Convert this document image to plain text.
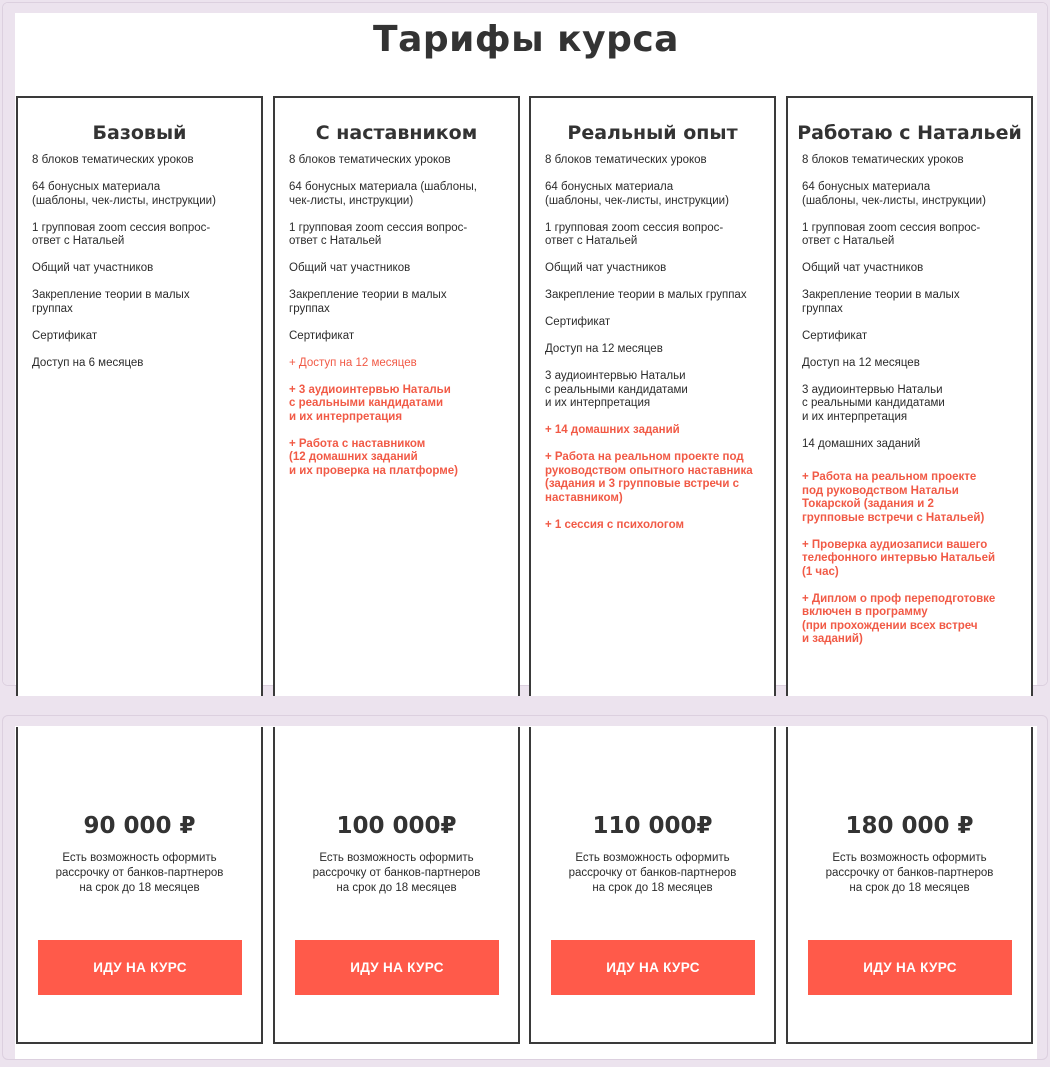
Тарифы курса
Базовый
8 блоков тематических уроков
64 бонусных материала
(шаблоны, чек-листы, инструкции)
1 групповая zoom сессия вопрос-
ответ с Натальей
Общий чат участников
Закрепление теории в малых
группах
Сертификат
Доступ на 6 месяцев
С наставником
8 блоков тематических уроков
64 бонусных материала (шаблоны,
чек-листы, инструкции)
1 групповая zoom сессия вопрос-
ответ с Натальей
Общий чат участников
Закрепление теории в малых
группах
Сертификат
+ Доступ на 12 месяцев
+ 3 аудиоинтервью Натальи
с реальными кандидатами
и их интерпретация
+ Работа с наставником
(12 домашних заданий
и их проверка на платформе)
Реальный опыт
8 блоков тематических уроков
64 бонусных материала
(шаблоны, чек-листы, инструкции)
1 групповая zoom сессия вопрос-
ответ с Натальей
Общий чат участников
Закрепление теории в малых группах
Сертификат
Доступ на 12 месяцев
3 аудиоинтервью Натальи
с реальными кандидатами
и их интерпретация
+ 14 домашних заданий
+ Работа на реальном проекте под
руководством опытного наставника
(задания и 3 групповые встречи с
наставником)
+ 1 сессия с психологом
Работаю с Натальей
8 блоков тематических уроков
64 бонусных материала
(шаблоны, чек-листы, инструкции)
1 групповая zoom сессия вопрос-
ответ с Натальей
Общий чат участников
Закрепление теории в малых
группах
Сертификат
Доступ на 12 месяцев
3 аудиоинтервью Натальи
с реальными кандидатами
и их интерпретация
14 домашних заданий
+ Работа на реальном проекте
под руководством Натальи
Токарской (задания и 2
групповые встречи с Натальей)
+ Проверка аудиозаписи вашего
телефонного интервью Натальей
(1 час)
+ Диплом о проф переподготовке
включен в программу
(при прохождении всех встреч
и заданий)
90 000 ₽
Есть возможность оформить
рассрочку от банков-партнеров
на срок до 18 месяцев
ИДУ НА КУРС
100 000₽
Есть возможность оформить
рассрочку от банков-партнеров
на срок до 18 месяцев
ИДУ НА КУРС
110 000₽
Есть возможность оформить
рассрочку от банков-партнеров
на срок до 18 месяцев
ИДУ НА КУРС
180 000 ₽
Есть возможность оформить
рассрочку от банков-партнеров
на срок до 18 месяцев
ИДУ НА КУРС
